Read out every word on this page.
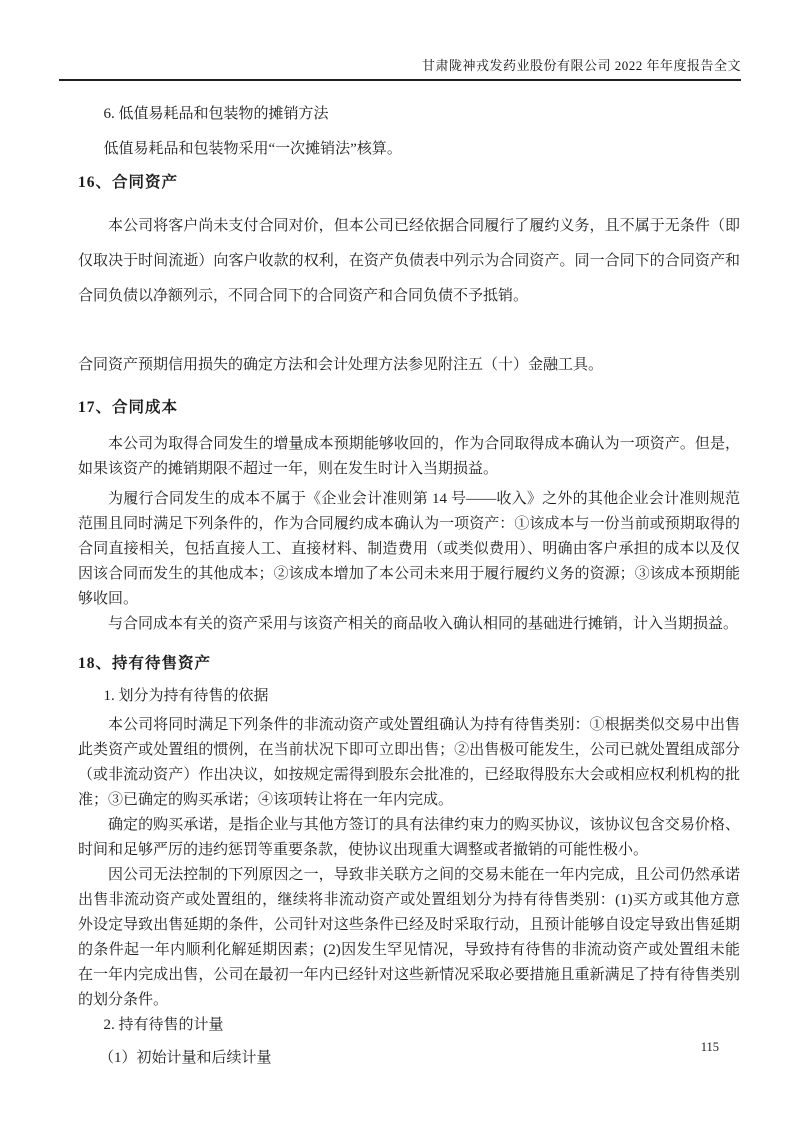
甘肃陇神戎发药业股份有限公司 2022 年年度报告全文
6. 低值易耗品和包装物的摊销方法
低值易耗品和包装物采用“一次摊销法”核算。
16、合同资产
本公司将客户尚未支付合同对价，但本公司已经依据合同履行了履约义务，且不属于无条件（即仅取决于时间流逝）向客户收款的权利，在资产负债表中列示为合同资产。同一合同下的合同资产和合同负债以净额列示，不同合同下的合同资产和合同负债不予抵销。
合同资产预期信用损失的确定方法和会计处理方法参见附注五（十）金融工具。
17、合同成本
本公司为取得合同发生的增量成本预期能够收回的，作为合同取得成本确认为一项资产。但是，如果该资产的摊销期限不超过一年，则在发生时计入当期损益。
为履行合同发生的成本不属于《企业会计准则第 14 号——收入》之外的其他企业会计准则规范范围且同时满足下列条件的，作为合同履约成本确认为一项资产：①该成本与一份当前或预期取得的合同直接相关，包括直接人工、直接材料、制造费用（或类似费用）、明确由客户承担的成本以及仅因该合同而发生的其他成本；②该成本增加了本公司未来用于履行履约义务的资源；③该成本预期能够收回。
与合同成本有关的资产采用与该资产相关的商品收入确认相同的基础进行摊销，计入当期损益。
18、持有待售资产
1. 划分为持有待售的依据
本公司将同时满足下列条件的非流动资产或处置组确认为持有待售类别：①根据类似交易中出售此类资产或处置组的惯例，在当前状况下即可立即出售；②出售极可能发生，公司已就处置组成部分（或非流动资产）作出决议，如按规定需得到股东会批准的，已经取得股东大会或相应权利机构的批准；③已确定的购买承诺；④该项转让将在一年内完成。
确定的购买承诺，是指企业与其他方签订的具有法律约束力的购买协议，该协议包含交易价格、时间和足够严厉的违约惩罚等重要条款，使协议出现重大调整或者撤销的可能性极小。
因公司无法控制的下列原因之一，导致非关联方之间的交易未能在一年内完成，且公司仍然承诺出售非流动资产或处置组的，继续将非流动资产或处置组划分为持有待售类别：(1)买方或其他方意外设定导致出售延期的条件，公司针对这些条件已经及时采取行动，且预计能够自设定导致出售延期的条件起一年内顺利化解延期因素；(2)因发生罕见情况，导致持有待售的非流动资产或处置组未能在一年内完成出售，公司在最初一年内已经针对这些新情况采取必要措施且重新满足了持有待售类别的划分条件。
2. 持有待售的计量
（1）初始计量和后续计量
115
